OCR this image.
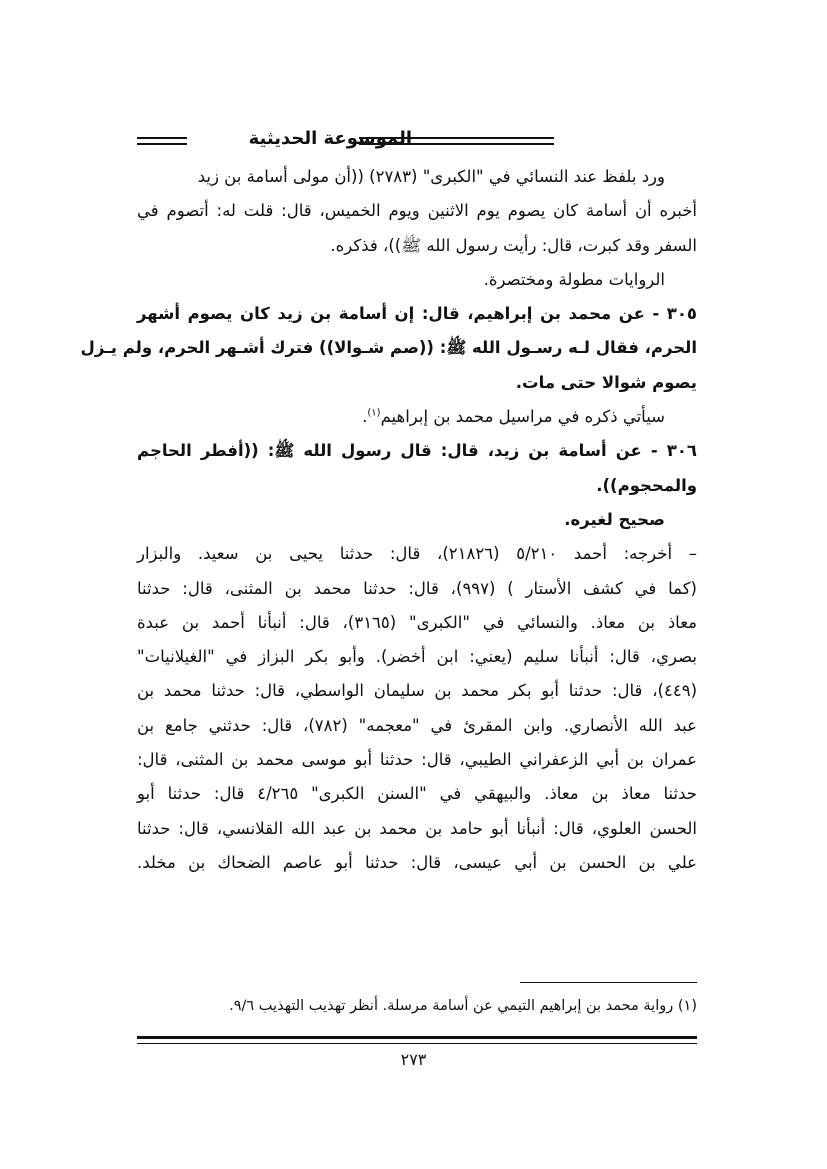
الموسوعة الحديثية
ورد بلفظ عند النسائي في "الكبرى" (٢٧٨٣) ((أن مولى أسامة بن زيد
أخبره أن أسامة كان يصوم يوم الاثنين ويوم الخميس، قال: قلت له: أتصوم في
السفر وقد كبرت، قال: رأيت رسول الله ﷺ))، فذكره.
الروايات مطولة ومختصرة.
٣٠٥ - عن محمد بن إبراهيم، قال: إن أسامة بن زيد كان يصوم أشهر
الحرم، فقال لـه رسـول الله ﷺ: ((صم شـوالا)) فترك أشـهر الحرم، ولم يـزل
يصوم شوالا حتى مات.
سيأتي ذكره في مراسيل محمد بن إبراهيم$^{(١)}$.
٣٠٦ - عن أسامة بن زيد، قال: قال رسول الله ﷺ: ((أفطر الحاجم
والمحجوم)).
صحيح لغيره.
– أخرجه: أحمد ٥/٢١٠ (٢١٨٢٦)، قال: حدثنا يحيى بن سعيد. والبزار
(كما في كشف الأستار ) (٩٩٧)، قال: حدثنا محمد بن المثنى، قال: حدثنا
معاذ بن معاذ. والنسائي في "الكبرى" (٣١٦٥)، قال: أنبأنا أحمد بن عبدة
بصري، قال: أنبأنا سليم (يعني: ابن أخضر). وأبو بكر البزاز في "الغيلانيات"
(٤٤٩)، قال: حدثنا أبو بكر محمد بن سليمان الواسطي، قال: حدثنا محمد بن
عبد الله الأنصاري. وابن المقرئ في "معجمه" (٧٨٢)، قال: حدثني جامع بن
عمران بن أبي الزعفراني الطيبي، قال: حدثنا أبو موسى محمد بن المثنى، قال:
حدثنا معاذ بن معاذ. والبيهقي في "السنن الكبرى" ٤/٢٦٥ قال: حدثنا أبو
الحسن العلوي، قال: أنبأنا أبو حامد بن محمد بن عبد الله القلانسي، قال: حدثنا
علي بن الحسن بن أبي عيسى، قال: حدثنا أبو عاصم الضحاك بن مخلد.
(١) رواية محمد بن إبراهيم التيمي عن أسامة مرسلة. أنظر تهذيب التهذيب ٩/٦.
٢٧٣
